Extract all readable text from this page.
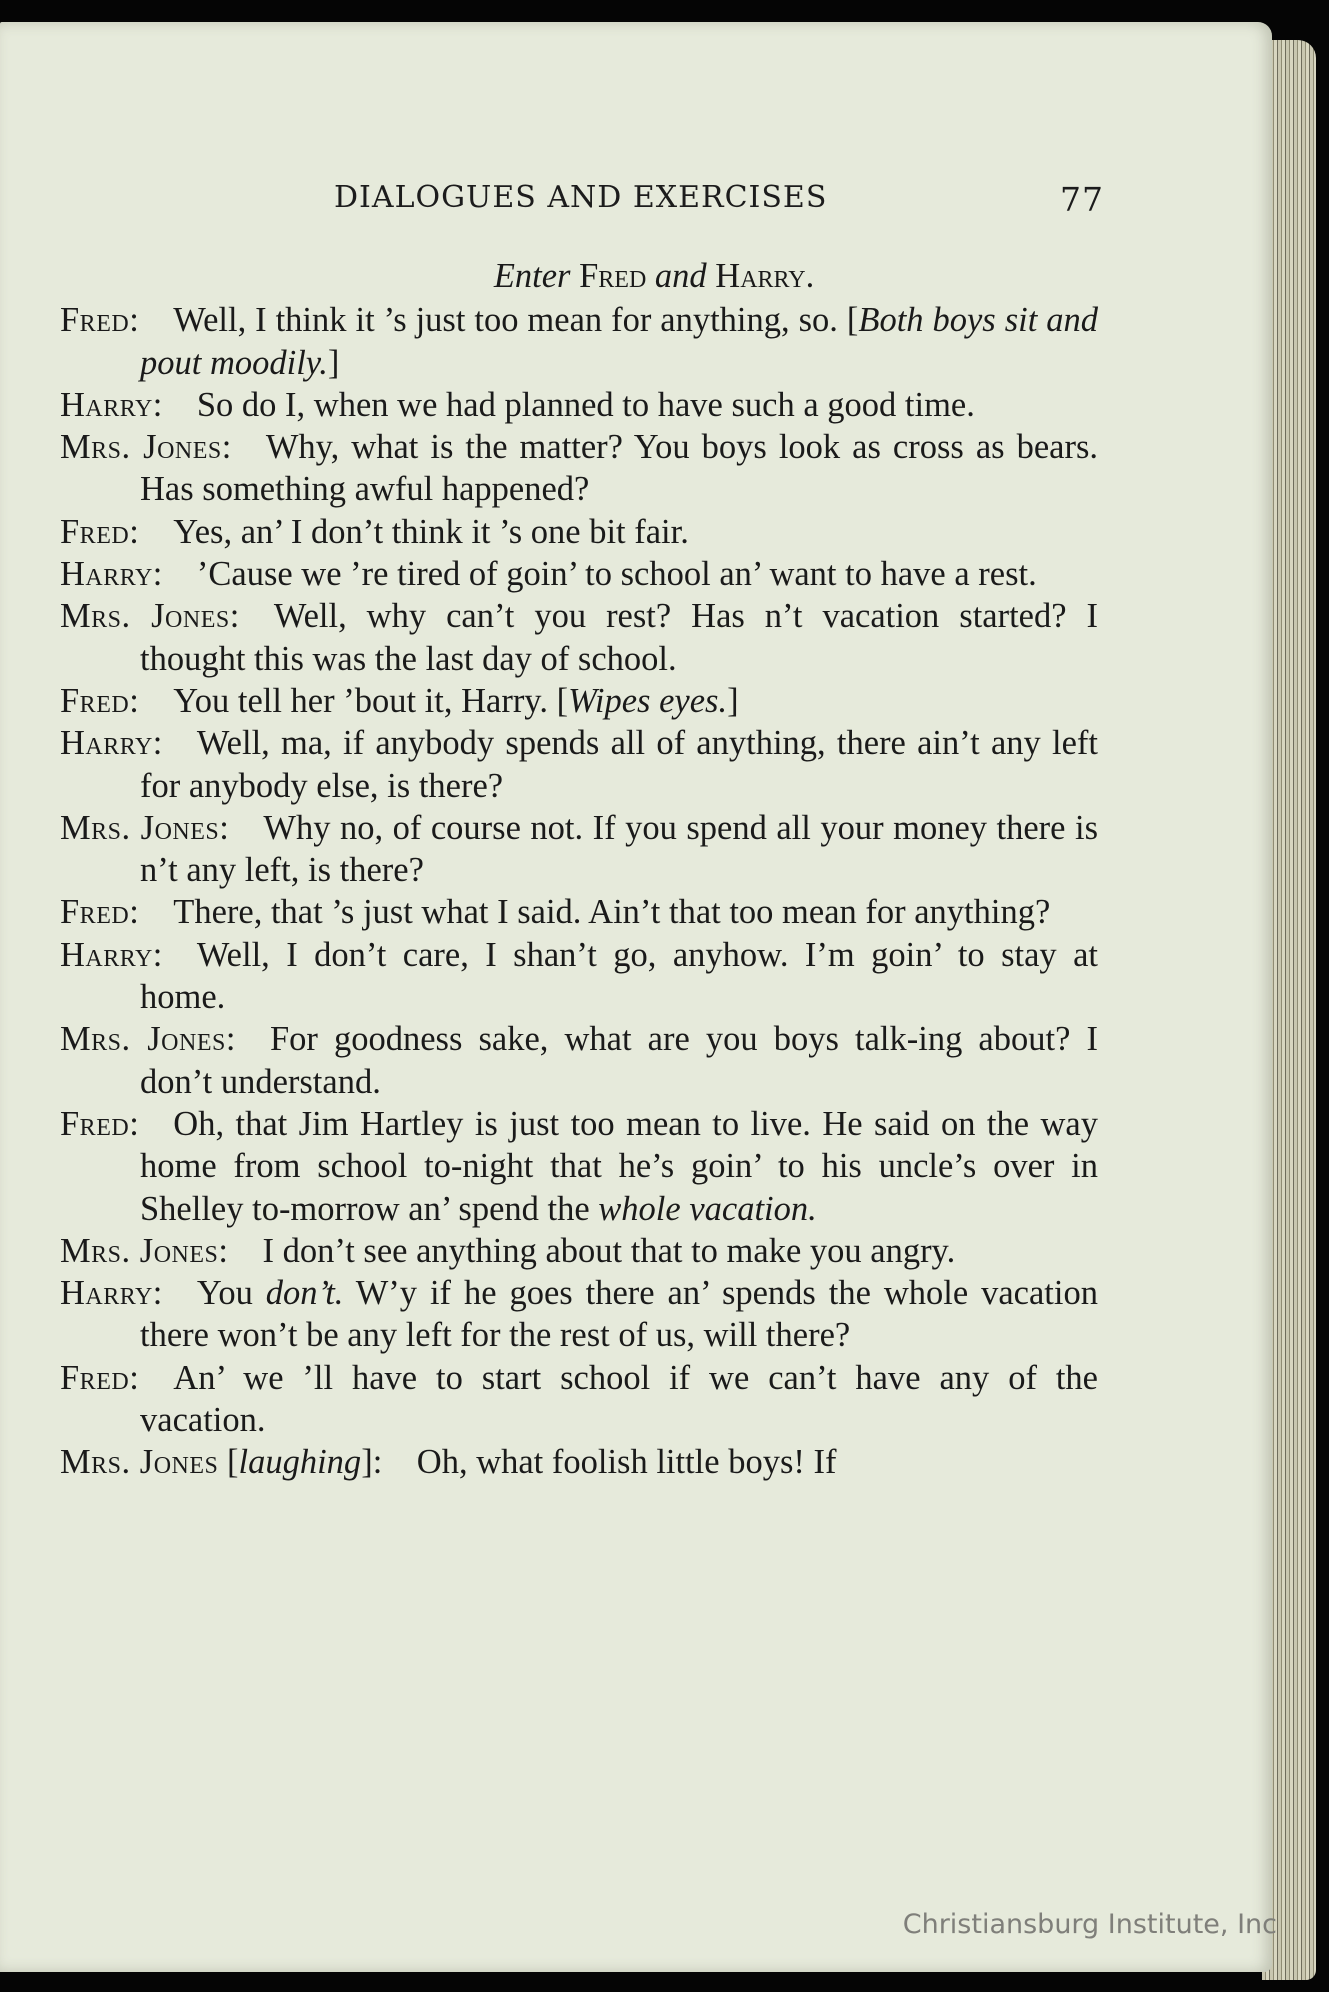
DIALOGUES AND EXERCISES	77
Enter Fred and Harry.
Fred:  Well, I think it ’s just too mean for anything, so. [Both boys sit and pout moodily.]
Harry:  So do I, when we had planned to have such a good time.
Mrs. Jones:  Why, what is the matter? You boys look as cross as bears. Has something awful happened?
Fred:  Yes, an’ I don’t think it ’s one bit fair.
Harry:  ’Cause we ’re tired of goin’ to school an’ want to have a rest.
Mrs. Jones:  Well, why can’t you rest? Has n’t vacation started? I thought this was the last day of school.
Fred:  You tell her ’bout it, Harry. [Wipes eyes.]
Harry:  Well, ma, if anybody spends all of anything, there ain’t any left for anybody else, is there?
Mrs. Jones:  Why no, of course not. If you spend all your money there is n’t any left, is there?
Fred:  There, that ’s just what I said. Ain’t that too mean for anything?
Harry:  Well, I don’t care, I shan’t go, anyhow. I’m goin’ to stay at home.
Mrs. Jones:  For goodness sake, what are you boys talk-ing about? I don’t understand.
Fred:  Oh, that Jim Hartley is just too mean to live. He said on the way home from school to-night that he’s goin’ to his uncle’s over in Shelley to-morrow an’ spend the whole vacation.
Mrs. Jones:  I don’t see anything about that to make you angry.
Harry:  You don’t. W’y if he goes there an’ spends the whole vacation there won’t be any left for the rest of us, will there?
Fred:  An’ we ’ll have to start school if we can’t have any of the vacation.
Mrs. Jones [laughing]:  Oh, what foolish little boys! If
Christiansburg Institute, Inc
